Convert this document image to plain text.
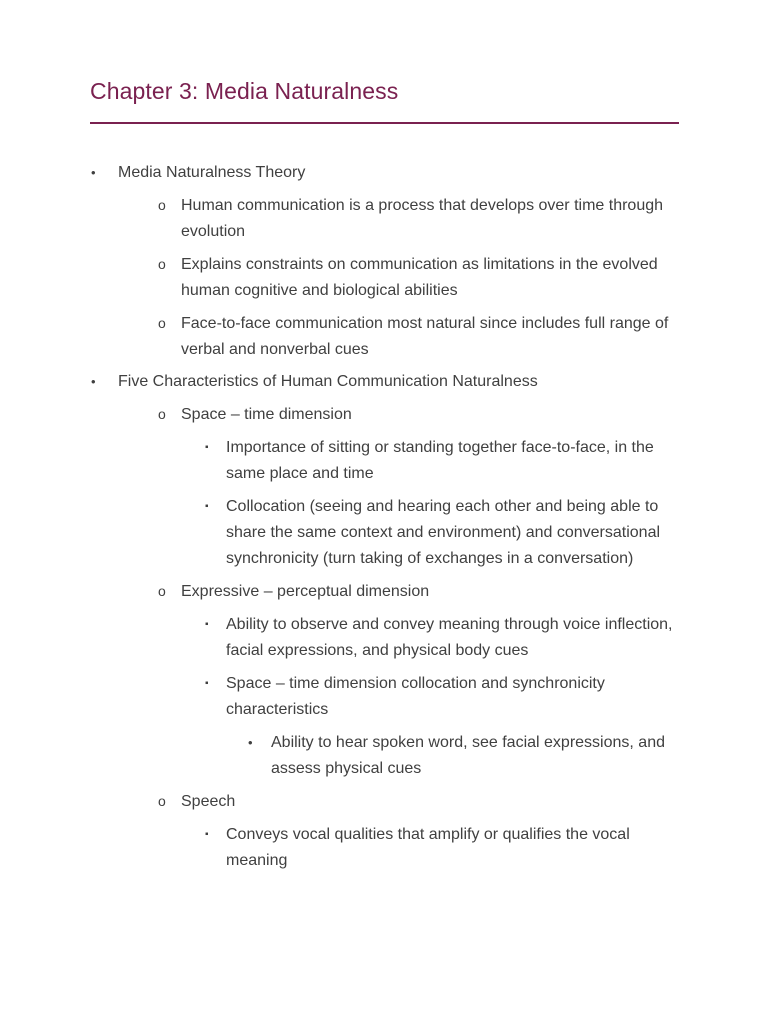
Chapter 3: Media Naturalness
• Media Naturalness Theory
o Human communication is a process that develops over time through evolution
o Explains constraints on communication as limitations in the evolved human cognitive and biological abilities
o Face-to-face communication most natural since includes full range of verbal and nonverbal cues
• Five Characteristics of Human Communication Naturalness
o Space – time dimension
▪ Importance of sitting or standing together face-to-face, in the same place and time
▪ Collocation (seeing and hearing each other and being able to share the same context and environment) and conversational synchronicity (turn taking of exchanges in a conversation)
o Expressive – perceptual dimension
▪ Ability to observe and convey meaning through voice inflection, facial expressions, and physical body cues
▪ Space – time dimension collocation and synchronicity characteristics
• Ability to hear spoken word, see facial expressions, and assess physical cues
o Speech
▪ Conveys vocal qualities that amplify or qualifies the vocal meaning
